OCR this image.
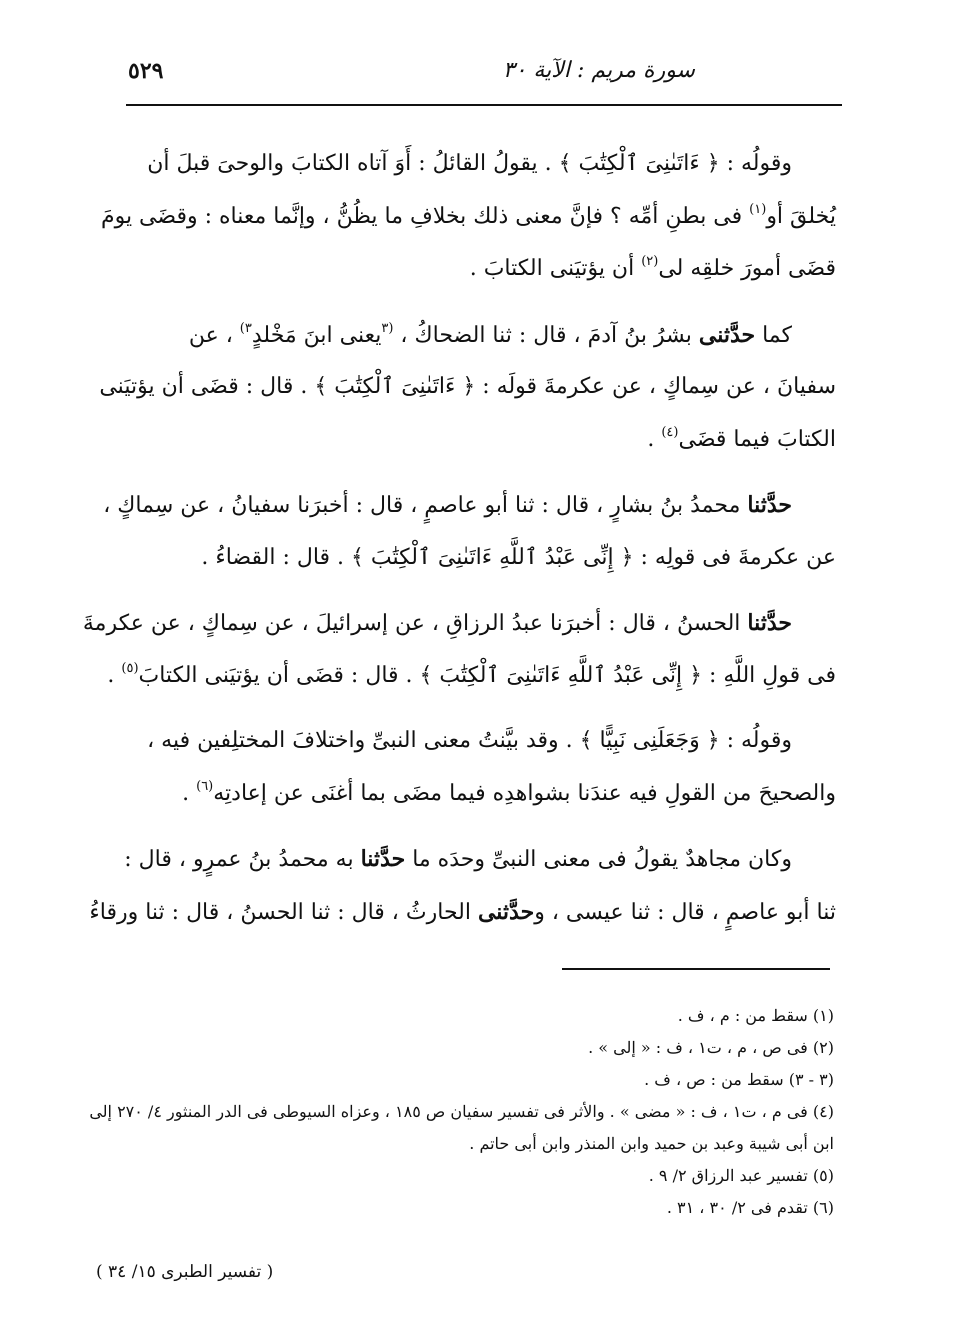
٥٢٩	سورة مريم : الآية ٣٠
وقولُه : ﴿ ءَاتَىٰنِىَ ٱلْكِتَٰبَ ﴾ . يقولُ القائلُ : أَوَ آتاه الكتابَ والوحىَ قبلَ أن
يُخلقَ أو$^{(١)}$ فى بطنِ أمِّه ؟ فإنَّ معنى ذلك بخلافِ ما يظُنُّ ، وإنَّما معناه : وقضَى يومَ
قضَى أمورَ خلقِه لى$^{(٢)}$ أن يؤتيَنى الكتابَ .
كما حدَّثنى بشرُ بنُ آدمَ ، قال : ثنا الضحاكُ ، $^{(٣}$يعنى ابنَ مَخْلدٍ$^{٣)}$ ، عن
سفيانَ ، عن سِماكٍ ، عن عكرمةَ قولَه : ﴿ ءَاتَىٰنِىَ ٱلْكِتَٰبَ ﴾ . قال : قضَى أن يؤتيَنى
الكتابَ فيما قضَى$^{(٤)}$ .
حدَّثنا محمدُ بنُ بشارٍ ، قال : ثنا أبو عاصمٍ ، قال : أخبرَنا سفيانُ ، عن سِماكٍ ،
عن عكرمةَ فى قولِه : ﴿ إِنِّى عَبْدُ ٱللَّهِ ءَاتَىٰنِىَ ٱلْكِتَٰبَ ﴾ . قال : القضاءُ .
حدَّثنا الحسنُ ، قال : أخبرَنا عبدُ الرزاقِ ، عن إسرائيلَ ، عن سِماكٍ ، عن عكرمةَ
فى قولِ اللَّهِ : ﴿ إِنِّى عَبْدُ ٱللَّهِ ءَاتَىٰنِىَ ٱلْكِتَٰبَ ﴾ . قال : قضَى أن يؤتيَنى الكتابَ$^{(٥)}$ .
وقولُه : ﴿ وَجَعَلَنِى نَبِيًّا ﴾ . وقد بيَّنتُ معنى النبىِّ واختلافَ المختلِفين فيه ،
والصحيحَ من القولِ فيه عندَنا بشواهدِه فيما مضَى بما أغنَى عن إعادتِه$^{(٦)}$ .
وكان مجاهدٌ يقولُ فى معنى النبىِّ وحدَه ما حدَّثنا به محمدُ بنُ عمرٍو ، قال :
ثنا أبو عاصمٍ ، قال : ثنا عيسى ، وحدَّثنى الحارثُ ، قال : ثنا الحسنُ ، قال : ثنا ورقاءُ
(١) سقط من : م ، ف .
(٢) فى ص ، م ، ت١ ، ف : « إلى » .
(٣ - ٣) سقط من : ص ، ف .
(٤) فى م ، ت١ ، ف : « مضى » . والأثر فى تفسير سفيان ص ١٨٥ ، وعزاه السيوطى فى الدر المنثور ٤/ ٢٧٠ إلى
ابن أبى شيبة وعبد بن حميد وابن المنذر وابن أبى حاتم .
(٥) تفسير عبد الرزاق ٢/ ٩ .
(٦) تقدم فى ٢/ ٣٠ ، ٣١ .
( تفسير الطبرى ١٥/ ٣٤ )
